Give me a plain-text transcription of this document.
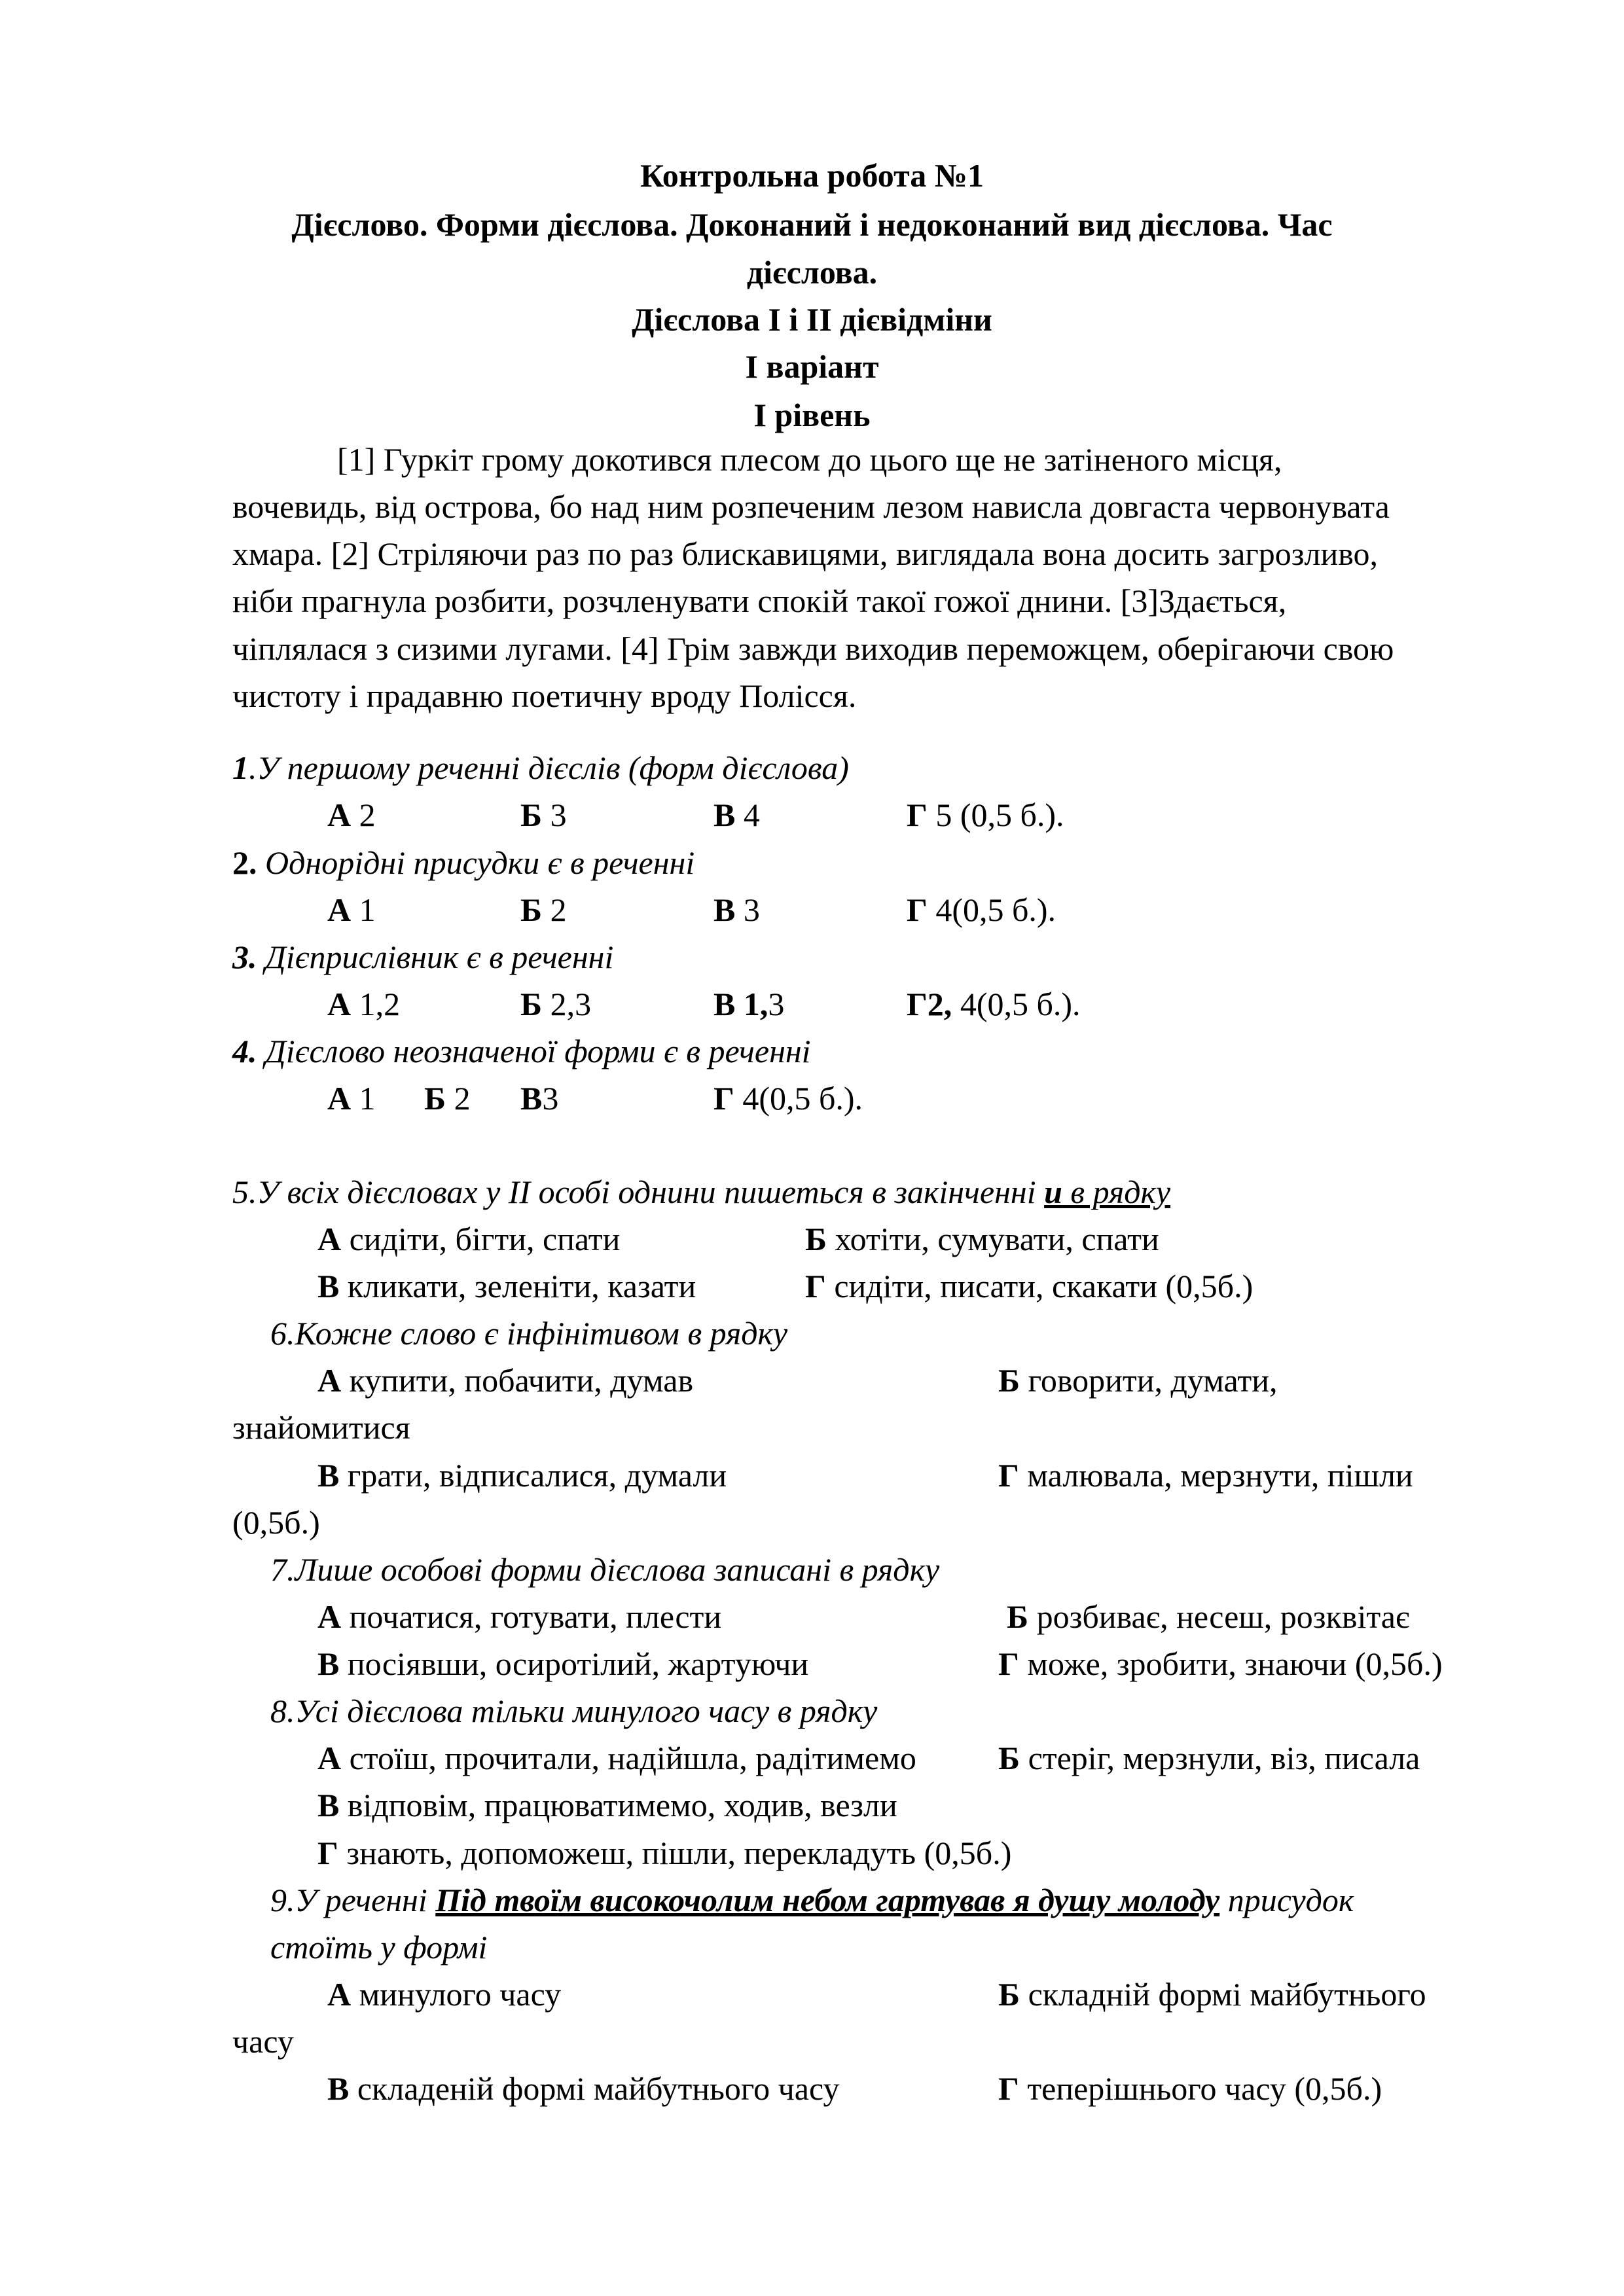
Контрольна робота №1
Дієслово. Форми дієслова. Доконаний і недоконаний вид дієслова. Час
дієслова.
Дієслова І і ІІ дієвідміни
І варіант
І рівень
[1] Гуркіт грому докотився плесом до цього ще не затіненого місця,
вочевидь, від острова, бо над ним розпеченим лезом нависла довгаста червонувата
хмара. [2] Стріляючи раз по раз блискавицями, виглядала вона досить загрозливо,
ніби прагнула розбити, розчленувати спокій такої гожої днини. [3]Здається,
чіплялася з сизими лугами. [4] Грім завжди виходив переможцем, оберігаючи свою
чистоту і прадавню поетичну вроду Полісся.
1.У першому реченні дієслів (форм дієслова)
А 2	Б 3	В 4	Г 5 (0,5 б.).
2. Однорідні присудки є в реченні
А 1	Б 2	В 3	Г 4(0,5 б.).
3. Дієприслівник є в реченні
А 1,2	Б 2,3	В 1,3	Г2, 4(0,5 б.).
4. Дієслово неозначеної форми є в реченні
А 1 Б 2 В3	Г 4(0,5 б.).
5.У всіх дієсловах у ІІ особі однини пишеться в закінченні и в рядку
А сидіти, бігти, спати	Б хотіти, сумувати, спати
В кликати, зеленіти, казати	Г сидіти, писати, скакати (0,5б.)
6.Кожне слово є інфінітивом в рядку
А купити, побачити, думав	Б говорити, думати,
знайомитися
В грати, відписалися, думали	Г малювала, мерзнути, пішли
(0,5б.)
7.Лише особові форми дієслова записані в рядку
А початися, готувати, плести	Б розбиває, несеш, розквітає
В посіявши, осиротілий, жартуючи	Г може, зробити, знаючи (0,5б.)
8.Усі дієслова тільки минулого часу в рядку
А стоїш, прочитали, надійшла, радітимемо	Б стеріг, мерзнули, віз, писала
В відповім, працюватимемо, ходив, везли
Г знають, допоможеш, пішли, перекладуть (0,5б.)
9.У реченні Під твоїм високочолим небом гартував я душу молоду присудок
стоїть у формі
А минулого часу	Б складній формі майбутнього
часу
В складеній формі майбутнього часу	Г теперішнього часу (0,5б.)
